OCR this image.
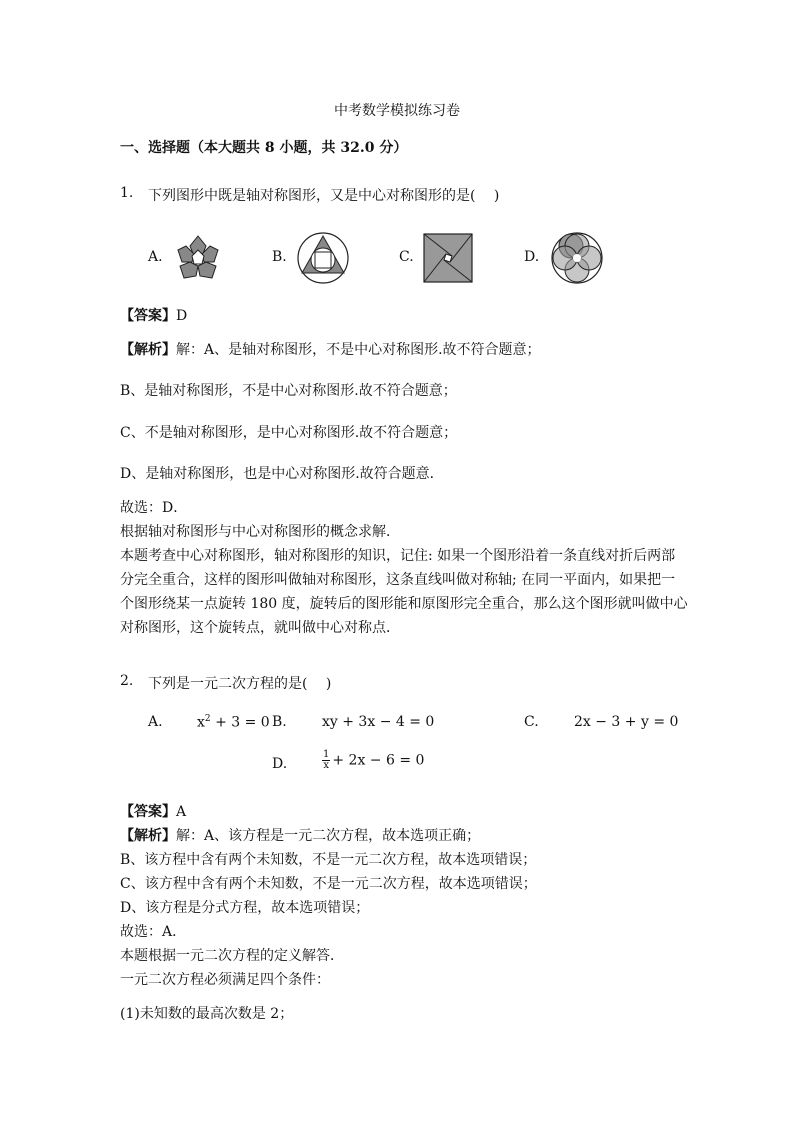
中考数学模拟练习卷
一、选择题（本大题共 8 小题，共 32.0 分）
1. 下列图形中既是轴对称图形，又是中心对称图形的是(　 )
A.	B.	C.	D.
【答案】D
【解析】解：A、是轴对称图形，不是中心对称图形.故不符合题意；
B、是轴对称图形，不是中心对称图形.故不符合题意；
C、不是轴对称图形，是中心对称图形.故不符合题意；
D、是轴对称图形，也是中心对称图形.故符合题意．
故选：D．
根据轴对称图形与中心对称图形的概念求解．
本题考查中心对称图形，轴对称图形的知识，记住: 如果一个图形沿着一条直线对折后两部
分完全重合，这样的图形叫做轴对称图形，这条直线叫做对称轴; 在同一平面内，如果把一
个图形绕某一点旋转 180 度，旋转后的图形能和原图形完全重合，那么这个图形就叫做中心
对称图形，这个旋转点，就叫做中心对称点．
2. 下列是一元二次方程的是(　 )
A. $x^2 + 3 = 0$ B.	xy + 3x − 4 = 0	C.	2x − 3 + y = 0
D.	$\frac{1}{x} + 2x - 6 = 0$
【答案】A
【解析】解：A、该方程是一元二次方程，故本选项正确；
B、该方程中含有两个未知数，不是一元二次方程，故本选项错误；
C、该方程中含有两个未知数，不是一元二次方程，故本选项错误；
D、该方程是分式方程，故本选项错误；
故选：A．
本题根据一元二次方程的定义解答．
一元二次方程必须满足四个条件：
(1)未知数的最高次数是 2；
